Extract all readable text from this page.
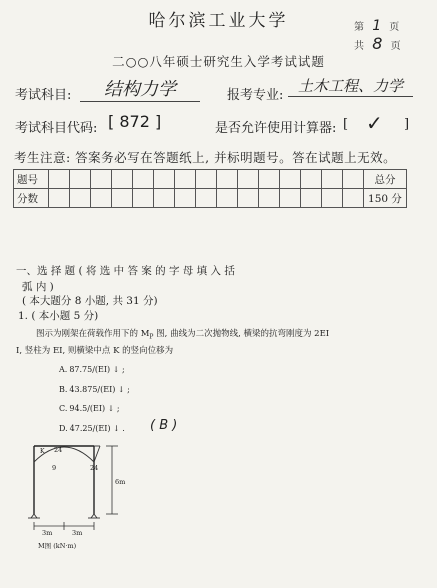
哈尔滨工业大学	第 1 页
共 8 页
二○○八年硕士研究生入学考试试题
考试科目:	结构力学	报考专业:
土木工程、力学
考试科目代码: [ 872 ]	是否允许使用计算器: [ ✓ ]
考生注意: 答案务必写在答题纸上, 并标明题号。答在试题上无效。
题号																总分
分数																150 分
一、选 择 题 ( 将 选 中 答 案 的 字 母 填 入 括
弧 内 )
( 本大题分 8 小题, 共 31 分)
1. ( 本小题 5 分)
图示为刚架在荷载作用下的 $M_P$ 图, 曲线为二次抛物线, 横梁的抗弯刚度为 2EI
I, 竖柱为 EI, 则横梁中点 K 的竖向位移为
A. 87.75/(EI) ↓ ;
B. 43.875/(EI) ↓ ;
C. 94.5/(EI) ↓ ;
D. 47.25/(EI) ↓ . ( B )
K 24
9	24
6m
3m	3m
M图 (kN·m)
